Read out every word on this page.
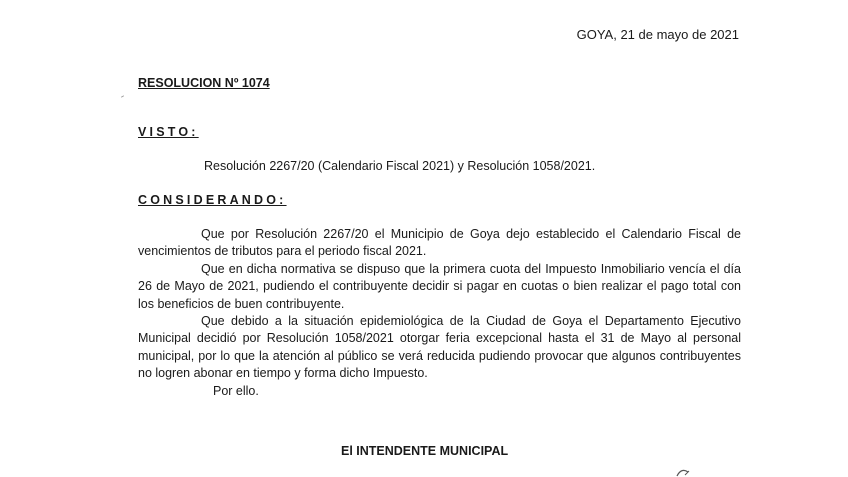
GOYA, 21 de mayo de 2021
RESOLUCION Nº 1074
VISTO:
Resolución 2267/20 (Calendario Fiscal 2021) y Resolución 1058/2021.
CONSIDERANDO:

Que por Resolución 2267/20 el Municipio de Goya dejo establecido el Calendario Fiscal de vencimientos de tributos para el periodo fiscal 2021.

Que en dicha normativa se dispuso que la primera cuota del Impuesto Inmobiliario vencía el día 26 de Mayo de 2021, pudiendo el contribuyente decidir si pagar en cuotas o bien realizar el pago total con los beneficios de buen contribuyente.

Que debido a la situación epidemiológica de la Ciudad de Goya el Departamento Ejecutivo Municipal decidió por Resolución 1058/2021 otorgar feria excepcional hasta el 31 de Mayo al personal municipal, por lo que la atención al público se verá reducida pudiendo provocar que algunos contribuyentes no logren abonar en tiempo y forma dicho Impuesto.

Por ello.

El INTENDENTE MUNICIPAL
